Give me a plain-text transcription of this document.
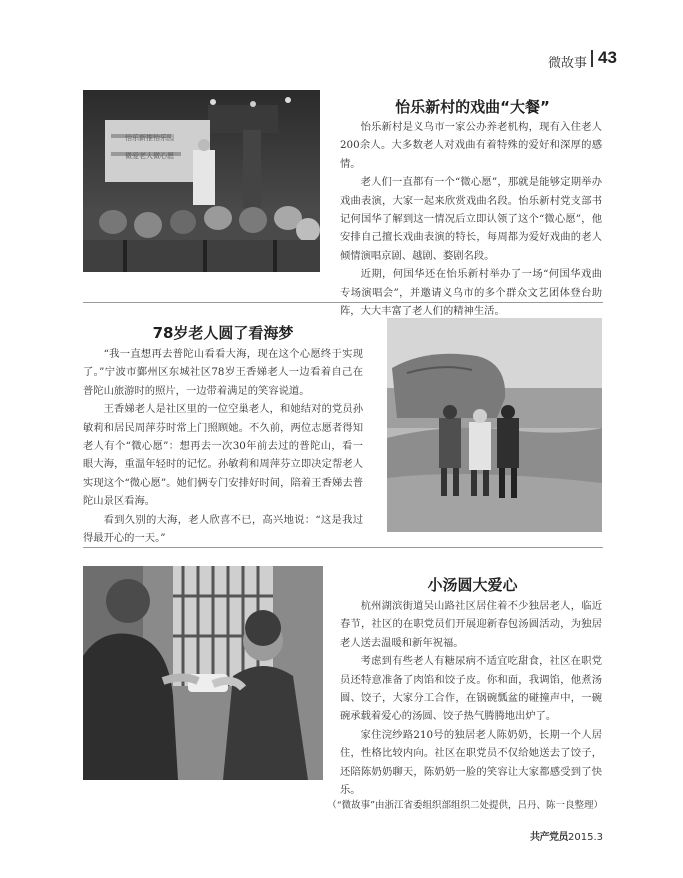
微故事 43
怡乐新推怡乐园
微爱老人微心愿
怡乐新村的戏曲“大餐”

怡乐新村是义乌市一家公办养老机构，现有入住老人200余人。大多数老人对戏曲有着特殊的爱好和深厚的感情。

老人们一直都有一个“微心愿”，那就是能够定期举办戏曲表演，大家一起来欣赏戏曲名段。怡乐新村党支部书记何国华了解到这一情况后立即认领了这个“微心愿”，他安排自己擅长戏曲表演的特长，每周都为爱好戏曲的老人倾情演唱京剧、越剧、婺剧名段。

近期，何国华还在怡乐新村举办了一场“何国华戏曲专场演唱会”，并邀请义乌市的多个群众文艺团体登台助阵，大大丰富了老人们的精神生活。

78岁老人圆了看海梦

“我一直想再去普陀山看看大海，现在这个心愿终于实现了。”宁波市鄞州区东城社区78岁王香娣老人一边看着自己在普陀山旅游时的照片，一边带着满足的笑容说道。

王香娣老人是社区里的一位空巢老人，和她结对的党员孙敏莉和居民周萍芬时常上门照顾她。不久前，两位志愿者得知老人有个“微心愿”：想再去一次30年前去过的普陀山，看一眼大海，重温年轻时的记忆。孙敏莉和周萍芬立即决定帮老人实现这个“微心愿”。她们俩专门安排好时间，陪着王香娣去普陀山景区看海。

看到久别的大海，老人欣喜不已，高兴地说：“这是我过得最开心的一天。”

小汤圆大爱心

杭州湖滨街道吴山路社区居住着不少独居老人，临近春节，社区的在职党员们开展迎新春包汤圆活动，为独居老人送去温暖和新年祝福。

考虑到有些老人有糖尿病不适宜吃甜食，社区在职党员还特意准备了肉馅和饺子皮。你和面，我调馅，他煮汤圆、饺子，大家分工合作，在锅碗瓢盆的碰撞声中，一碗碗承载着爱心的汤圆、饺子热气腾腾地出炉了。

家住浣纱路210号的独居老人陈奶奶，长期一个人居住，性格比较内向。社区在职党员不仅给她送去了饺子，还陪陈奶奶聊天，陈奶奶一脸的笑容让大家都感受到了快乐。

（“微故事”由浙江省委组织部组织二处提供，吕丹、陈一良整理）
共产党员2015.3
